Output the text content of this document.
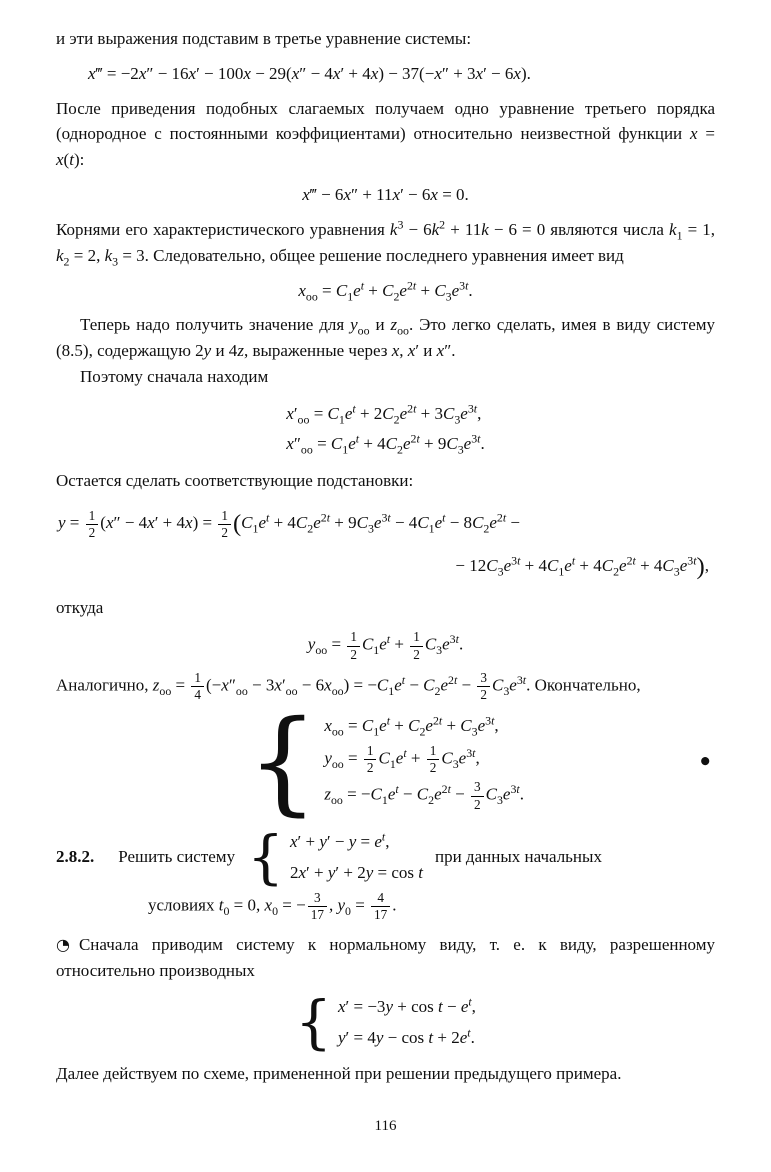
и эти выражения подставим в третье уравнение системы:

x‴ = −2x″ − 16x′ − 100x − 29(x″ − 4x′ + 4x) − 37(−x″ + 3x′ − 6x).

После приведения подобных слагаемых получаем одно уравнение третьего порядка (однородное с постоянными коэффициентами) относительно неизвестной функции x = x(t):

x‴ − 6x″ + 11x′ − 6x = 0.

Корнями его характеристического уравнения $k^3 - 6k^2 + 11k - 6 = 0$ являются числа $k_1 = 1$, $k_2 = 2$, $k_3 = 3$. Следовательно, общее решение последнего уравнения имеет вид

$x_{оо} = C_1e^t + C_2e^{2t} + C_3e^{3t}$.

Теперь надо получить значение для $y_{оо}$ и $z_{оо}$. Это легко сделать, имея в виду систему (8.5), содержащую 2y и 4z, выраженные через x, x′ и x″.

Поэтому сначала находим

$x'_{оо} = C_1e^t + 2C_2e^{2t} + 3C_3e^{3t}$,
$x''_{оо} = C_1e^t + 4C_2e^{2t} + 9C_3e^{3t}$.

Остается сделать соответствующие подстановки:

$y = \frac{1}{2} (x'' - 4x' + 4x) = \frac{1}{2} (C_1e^t + 4C_2e^{2t} + 9C_3e^{3t} - 4C_1e^t - 8C_2e^{2t}$ −
− $12C_3e^{3t} + 4C_1e^t + 4C_2e^{2t} + 4C_3e^{3t}$),

откуда

$y_{оо} = \frac{1}{2} C_1e^t + \frac{1}{2} C_3e^{3t}$.

Аналогично, $z_{оо} = \frac{1}{4} (-x''_{оо} - 3x'_{оо} - 6x_{оо}) = -C_1e^t - C_2e^{2t} - \frac{3}{2} C_3e^{3t}$. Окончательно,

{ $x_{оо} = C_1e^t + C_2e^{2t} + C_3e^{3t}$,
$y_{оо} = \frac{1}{2} C_1e^t + \frac{1}{2} C_3e^{3t}$,
$z_{оо} = -C_1e^t - C_2e^{2t} - \frac{3}{2} C_3e^{3t}$.
●
2.8.2. Решить систему { $x' + y' - y = e^t$,
2x′ + y′ + 2y = cos t
при данных начальных
условиях $t_0 = 0$, $x_0$ = − $\frac{3}{17}$ , $y_0 = \frac{4}{17}$ .

◔ Сначала приводим систему к нормальному виду, т. е. к виду, разрешенному относительно производных

{ $x' = -3y + \cos t - e^t$,
$y' = 4y - \cos t + 2e^t$.

Далее действуем по схеме, примененной при решении предыдущего примера.

116
